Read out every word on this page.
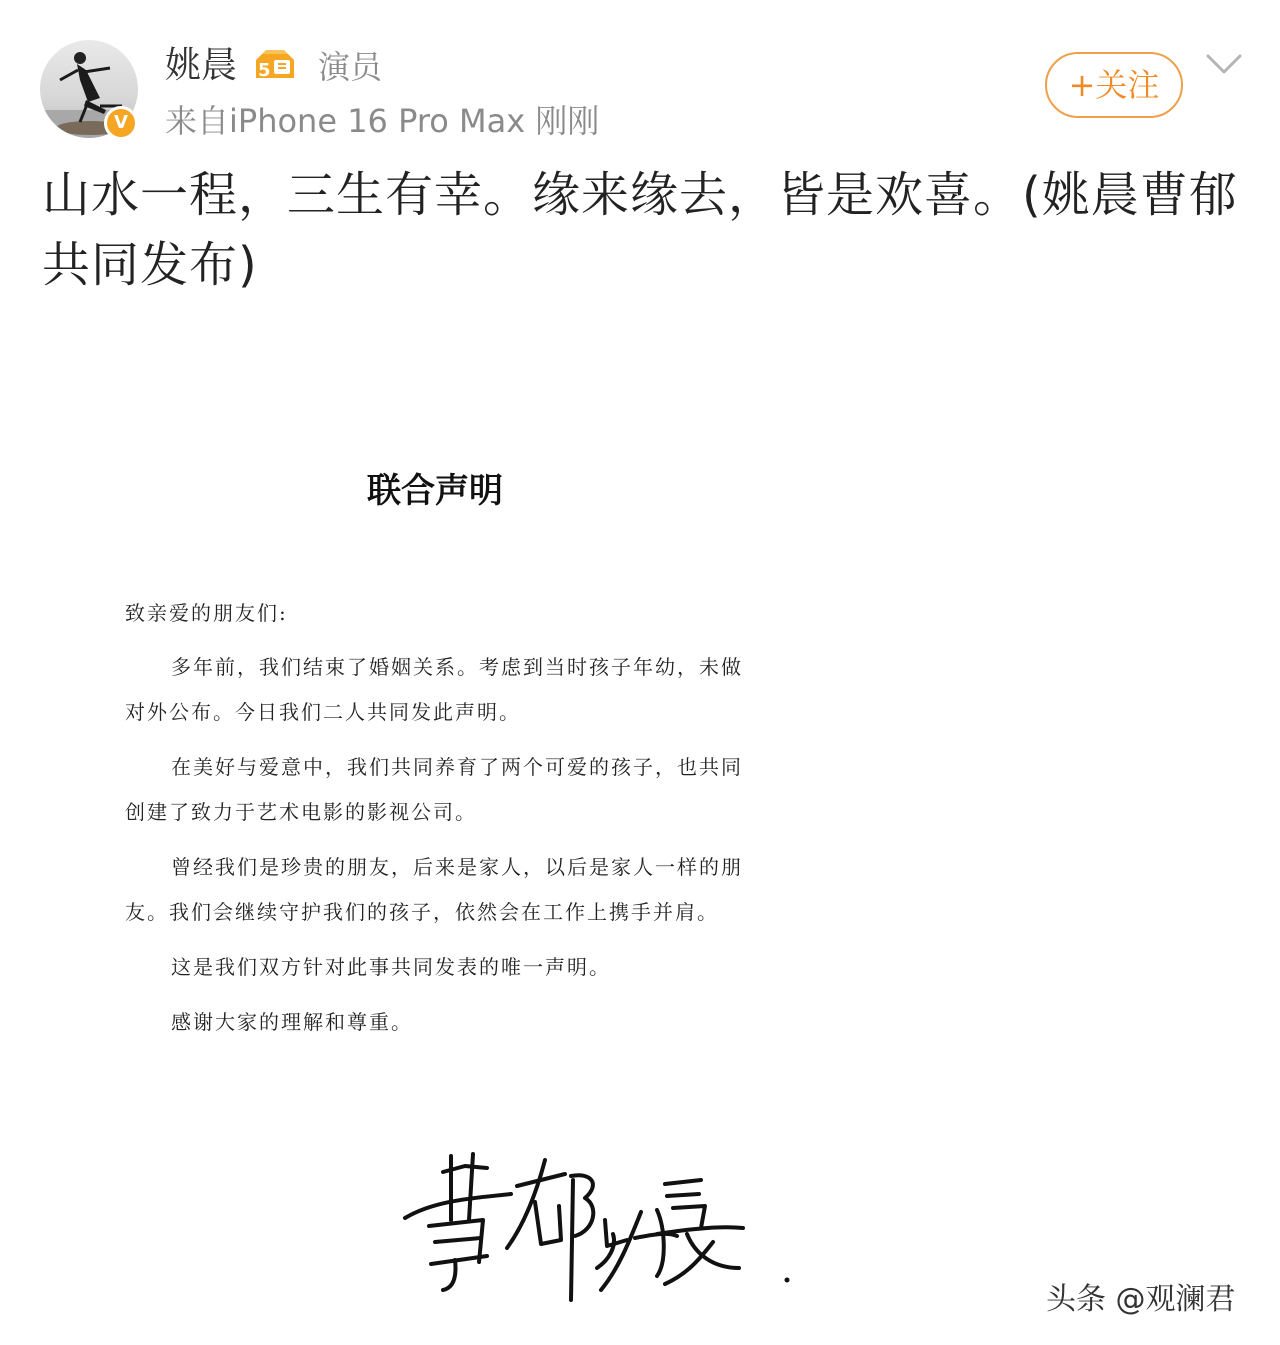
V
姚晨 5 演员
来自iPhone 16 Pro Max 刚刚
+关注
山水一程，三生有幸。缘来缘去，皆是欢喜。(姚晨曹郁共同发布)
联合声明
致亲爱的朋友们:
多年前，我们结束了婚姻关系。考虑到当时孩子年幼，未做对外公布。今日我们二人共同发此声明。
在美好与爱意中，我们共同养育了两个可爱的孩子，也共同创建了致力于艺术电影的影视公司。
曾经我们是珍贵的朋友，后来是家人，以后是家人一样的朋友。我们会继续守护我们的孩子，依然会在工作上携手并肩。
这是我们双方针对此事共同发表的唯一声明。
感谢大家的理解和尊重。
头条 @观澜君
